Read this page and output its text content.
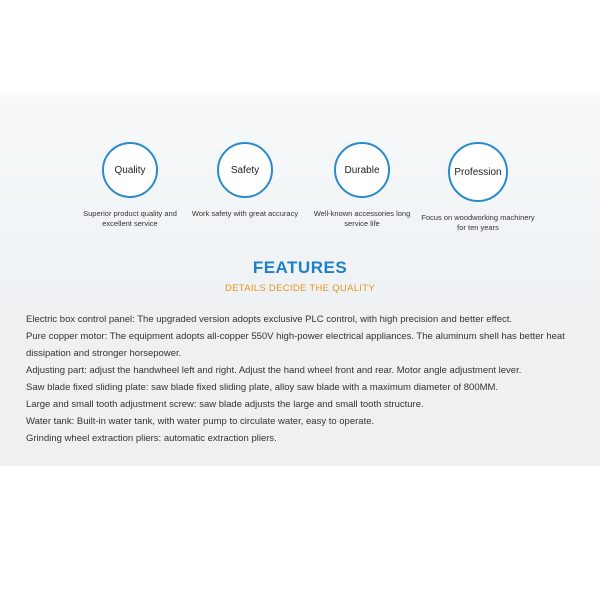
Quality
Superior product quality and excellent service
Safety
Work safety with great accuracy
Durable
Well-known accessories long service life
Profession
Focus on woodworking machinery for ten years
FEATURES
DETAILS DECIDE THE QUALITY
Electric box control panel: The upgraded version adopts exclusive PLC control, with high precision and better effect.
Pure copper motor: The equipment adopts all-copper 550V high-power electrical appliances. The aluminum shell has better heat dissipation and stronger horsepower.
Adjusting part: adjust the handwheel left and right. Adjust the hand wheel front and rear. Motor angle adjustment lever.
Saw blade fixed sliding plate: saw blade fixed sliding plate, alloy saw blade with a maximum diameter of 800MM.
Large and small tooth adjustment screw: saw blade adjusts the large and small tooth structure.
Water tank: Built-in water tank, with water pump to circulate water, easy to operate.
Grinding wheel extraction pliers: automatic extraction pliers.
